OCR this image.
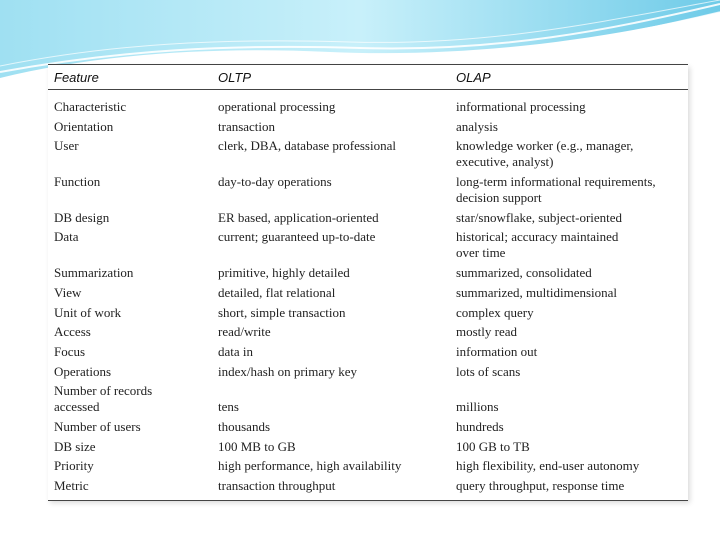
Feature	OLTP	OLAP

Characteristic	operational processing	informational processing

Orientation	transaction	analysis

User	clerk, DBA, database professional	knowledge worker (e.g., manager,
executive, analyst)

Function	day-to-day operations	long-term informational requirements,
decision support

DB design	ER based, application-oriented	star/snowflake, subject-oriented

Data	current; guaranteed up-to-date	historical; accuracy maintained
over time

Summarization	primitive, highly detailed	summarized, consolidated

View	detailed, flat relational	summarized, multidimensional

Unit of work	short, simple transaction	complex query

Access	read/write	mostly read

Focus	data in	information out

Operations	index/hash on primary key	lots of scans

Number of records
accessed	tens	millions

Number of users	thousands	hundreds

DB size	100 MB to GB	100 GB to TB

Priority	high performance, high availability	high flexibility, end-user autonomy

Metric	transaction throughput	query throughput, response time
